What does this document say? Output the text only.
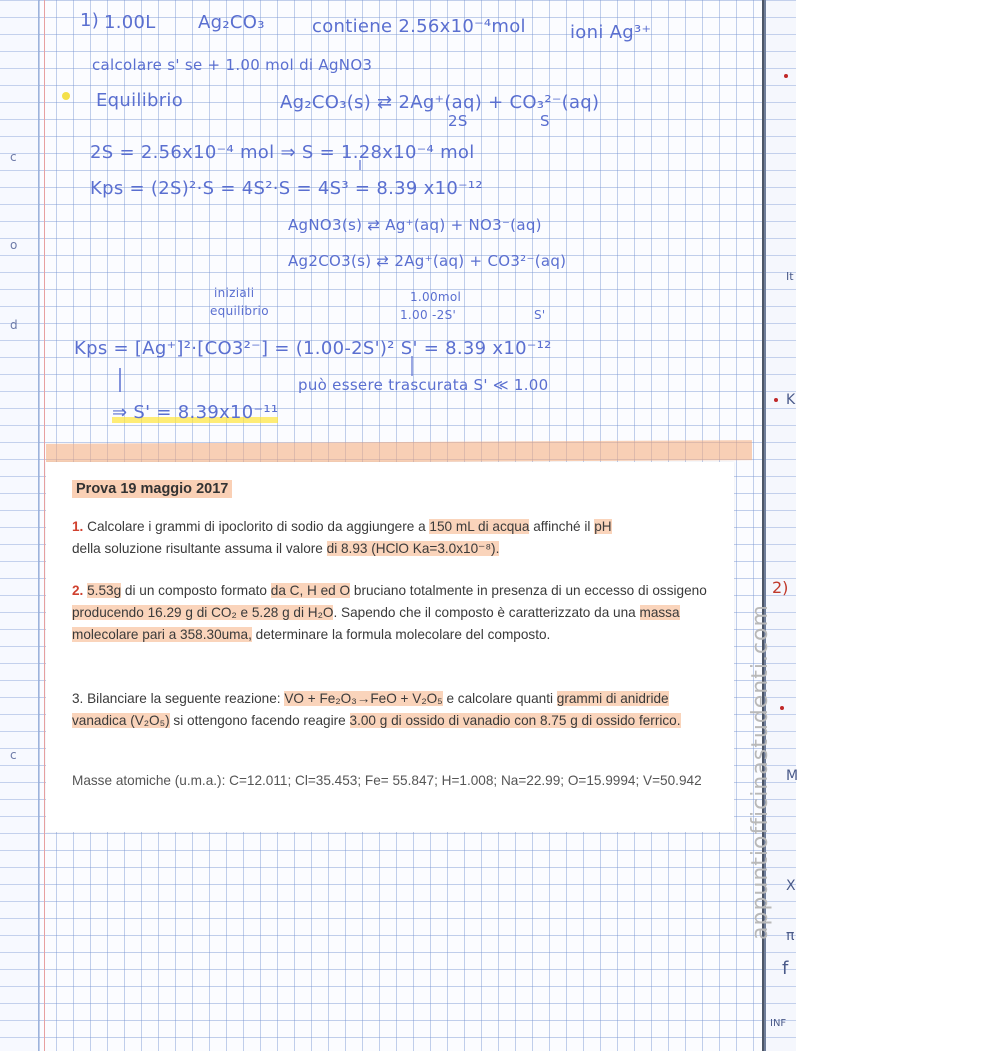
c
o
d
c
1) 1.00L Ag₂CO₃	contiene 2.56x10⁻⁴mol ioni Ag³⁺
calcolare s' se + 1.00 mol di AgNO3
Equilibrio	Ag₂CO₃(s) ⇄ 2Ag⁺(aq) + CO₃²⁻(aq)
2S	S
2S = 2.56x10⁻⁴ mol ⇒ S = 1.28x10⁻⁴ mol
Kps = (2S)²·S = 4S²·S = 4S³ = 8.39 x10⁻¹²
AgNO3(s) ⇄ Ag⁺(aq) + NO3⁻(aq)
Ag2CO3(s) ⇄ 2Ag⁺(aq) + CO3²⁻(aq)
iniziali
equilibrio
1.00mol
1.00 -2S'	S'
Kps = [Ag⁺]²·[CO3²⁻] = (1.00-2S')² S' = 8.39 x10⁻¹²
può essere trascurata S' ≪ 1.00
⇒ S' = 8.39x10⁻¹¹
Prova 19 maggio 2017
1. Calcolare i grammi di ipoclorito di sodio da aggiungere a 150 mL di acqua affinché il pH
della soluzione risultante assuma il valore di 8.93 (HClO Ka=3.0x10⁻⁸).
2. 5.53g di un composto formato da C, H ed O bruciano totalmente in presenza di un eccesso di ossigeno producendo 16.29 g di CO₂ e 5.28 g di H₂O. Sapendo che il composto è caratterizzato da una massa molecolare pari a 358.30uma, determinare la formula molecolare del composto.
3. Bilanciare la seguente reazione: VO + Fe₂O₃→FeO + V₂O₅ e calcolare quanti grammi di anidride vanadica (V₂O₅) si ottengono facendo reagire 3.00 g di ossido di vanadio con 8.75 g di ossido ferrico.
Masse atomiche (u.m.a.): C=12.011; Cl=35.453; Fe= 55.847; H=1.008; Na=22.99; O=15.9994; V=50.942	appuntiofficinastudenti.com
It
K
2)
M
X
π
f
INF
